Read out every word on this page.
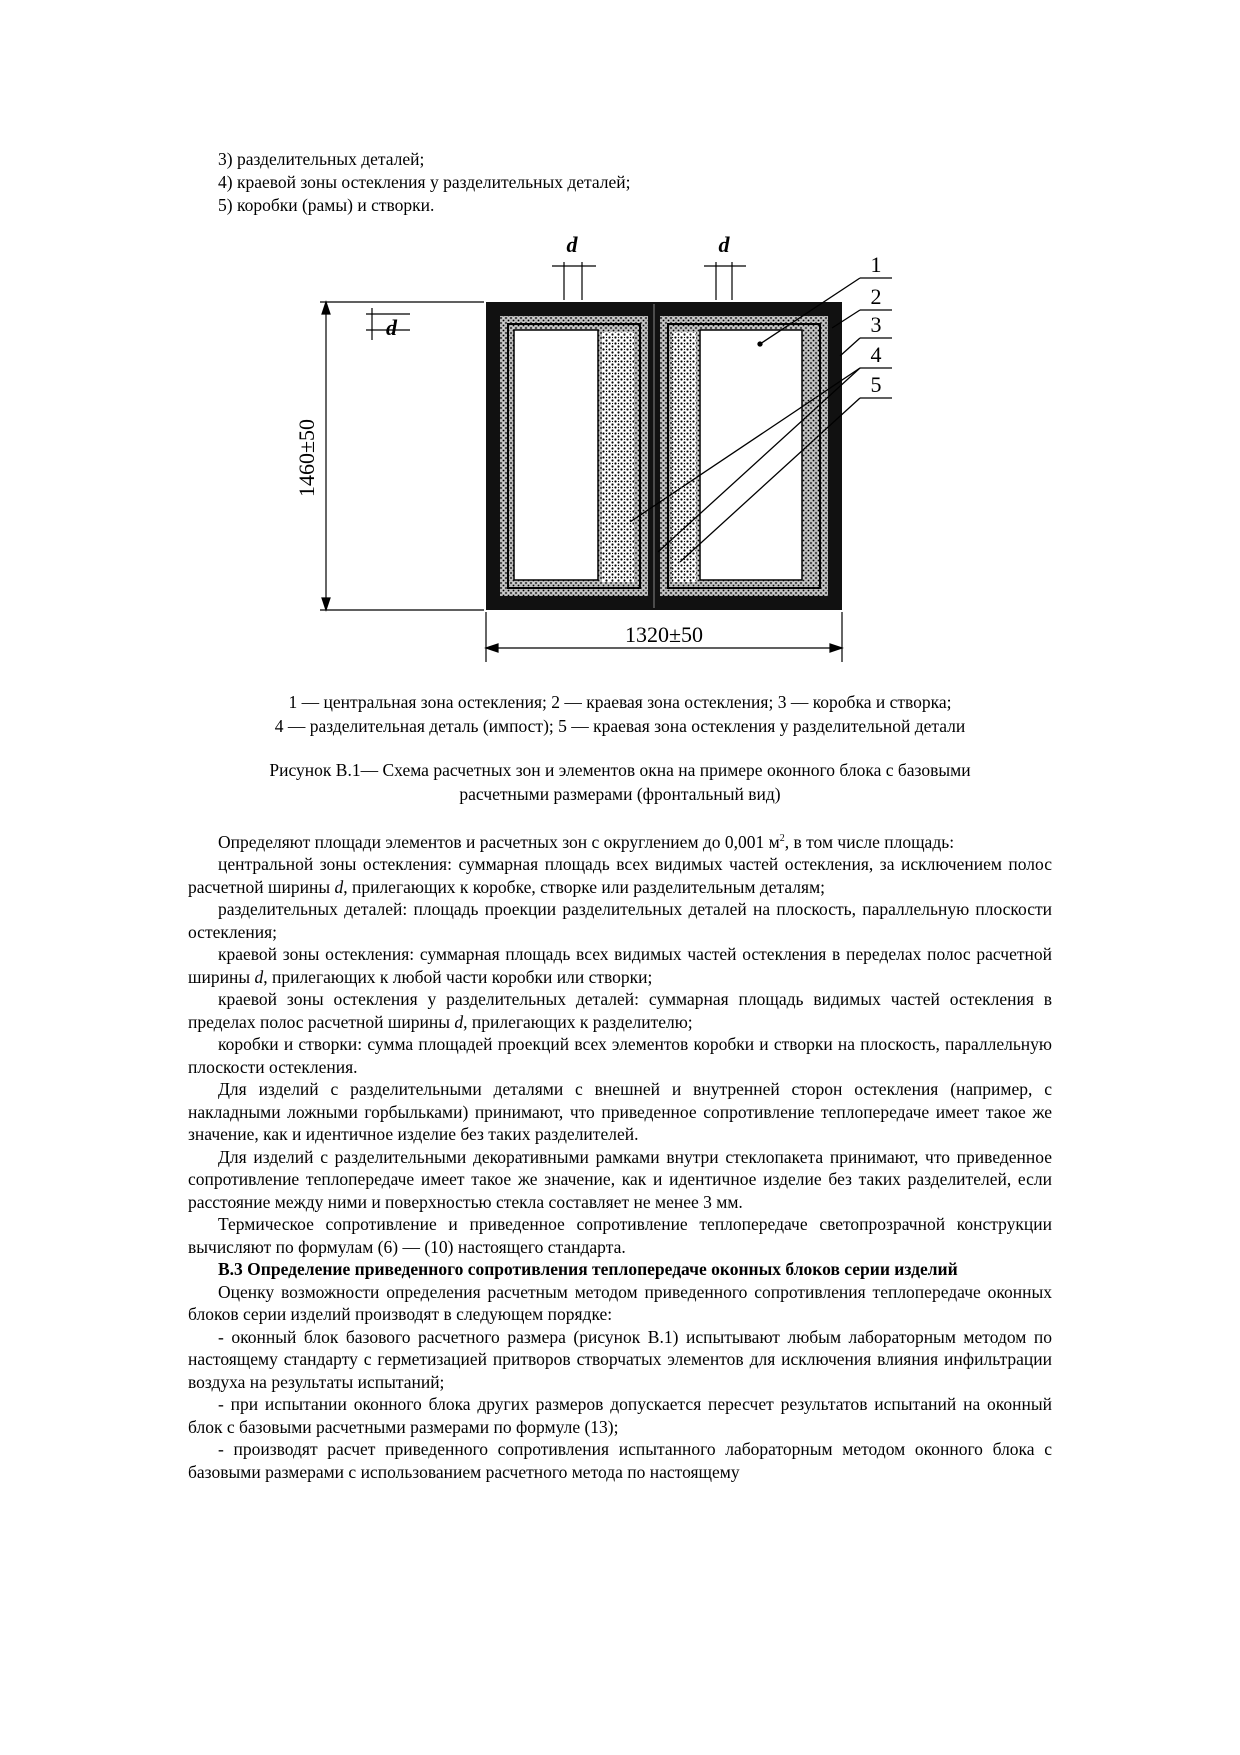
3) разделительных деталей;
4) краевой зоны остекления у разделительных деталей;
5) коробки (рамы) и створки.
d	d
d
1460±50
1320±50
1
2
3
4
5
1 — центральная зона остекления; 2 — краевая зона остекления; 3 — коробка и створка;
4 — разделительная деталь (импост); 5 — краевая зона остекления у разделительной детали
Рисунок В.1— Схема расчетных зон и элементов окна на примере оконного блока с базовыми
расчетными размерами (фронтальный вид)

Определяют площади элементов и расчетных зон с округлением до 0,001 $м^2$, в том числе площадь:

центральной зоны остекления: суммарная площадь всех видимых частей остекления, за исключением полос расчетной ширины d, прилегающих к коробке, створке или разделительным деталям;

разделительных деталей: площадь проекции разделительных деталей на плоскость, параллельную плоскости остекления;

краевой зоны остекления: суммарная площадь всех видимых частей остекления в переделах полос расчетной ширины d, прилегающих к любой части коробки или створки;

краевой зоны остекления у разделительных деталей: суммарная площадь видимых частей остекления в пределах полос расчетной ширины d, прилегающих к разделителю;

коробки и створки: сумма площадей проекций всех элементов коробки и створки на плоскость, параллельную плоскости остекления.

Для изделий с разделительными деталями с внешней и внутренней сторон остекления (например, с накладными ложными горбыльками) принимают, что приведенное сопротивление теплопередаче имеет такое же значение, как и идентичное изделие без таких разделителей.

Для изделий с разделительными декоративными рамками внутри стеклопакета принимают, что приведенное сопротивление теплопередаче имеет такое же значение, как и идентичное изделие без таких разделителей, если расстояние между ними и поверхностью стекла составляет не менее 3 мм.

Термическое сопротивление и приведенное сопротивление теплопередаче светопрозрачной конструкции вычисляют по формулам (6) — (10) настоящего стандарта.

В.3 Определение приведенного сопротивления теплопередаче оконных блоков серии изделий

Оценку возможности определения расчетным методом приведенного сопротивления теплопередаче оконных блоков серии изделий производят в следующем порядке:

- оконный блок базового расчетного размера (рисунок В.1) испытывают любым лабораторным методом по настоящему стандарту с герметизацией притворов створчатых элементов для исключения влияния инфильтрации воздуха на результаты испытаний;

- при испытании оконного блока других размеров допускается пересчет результатов испытаний на оконный блок с базовыми расчетными размерами по формуле (13);

- производят расчет приведенного сопротивления испытанного лабораторным методом оконного блока с базовыми размерами с использованием расчетного метода по настоящему
